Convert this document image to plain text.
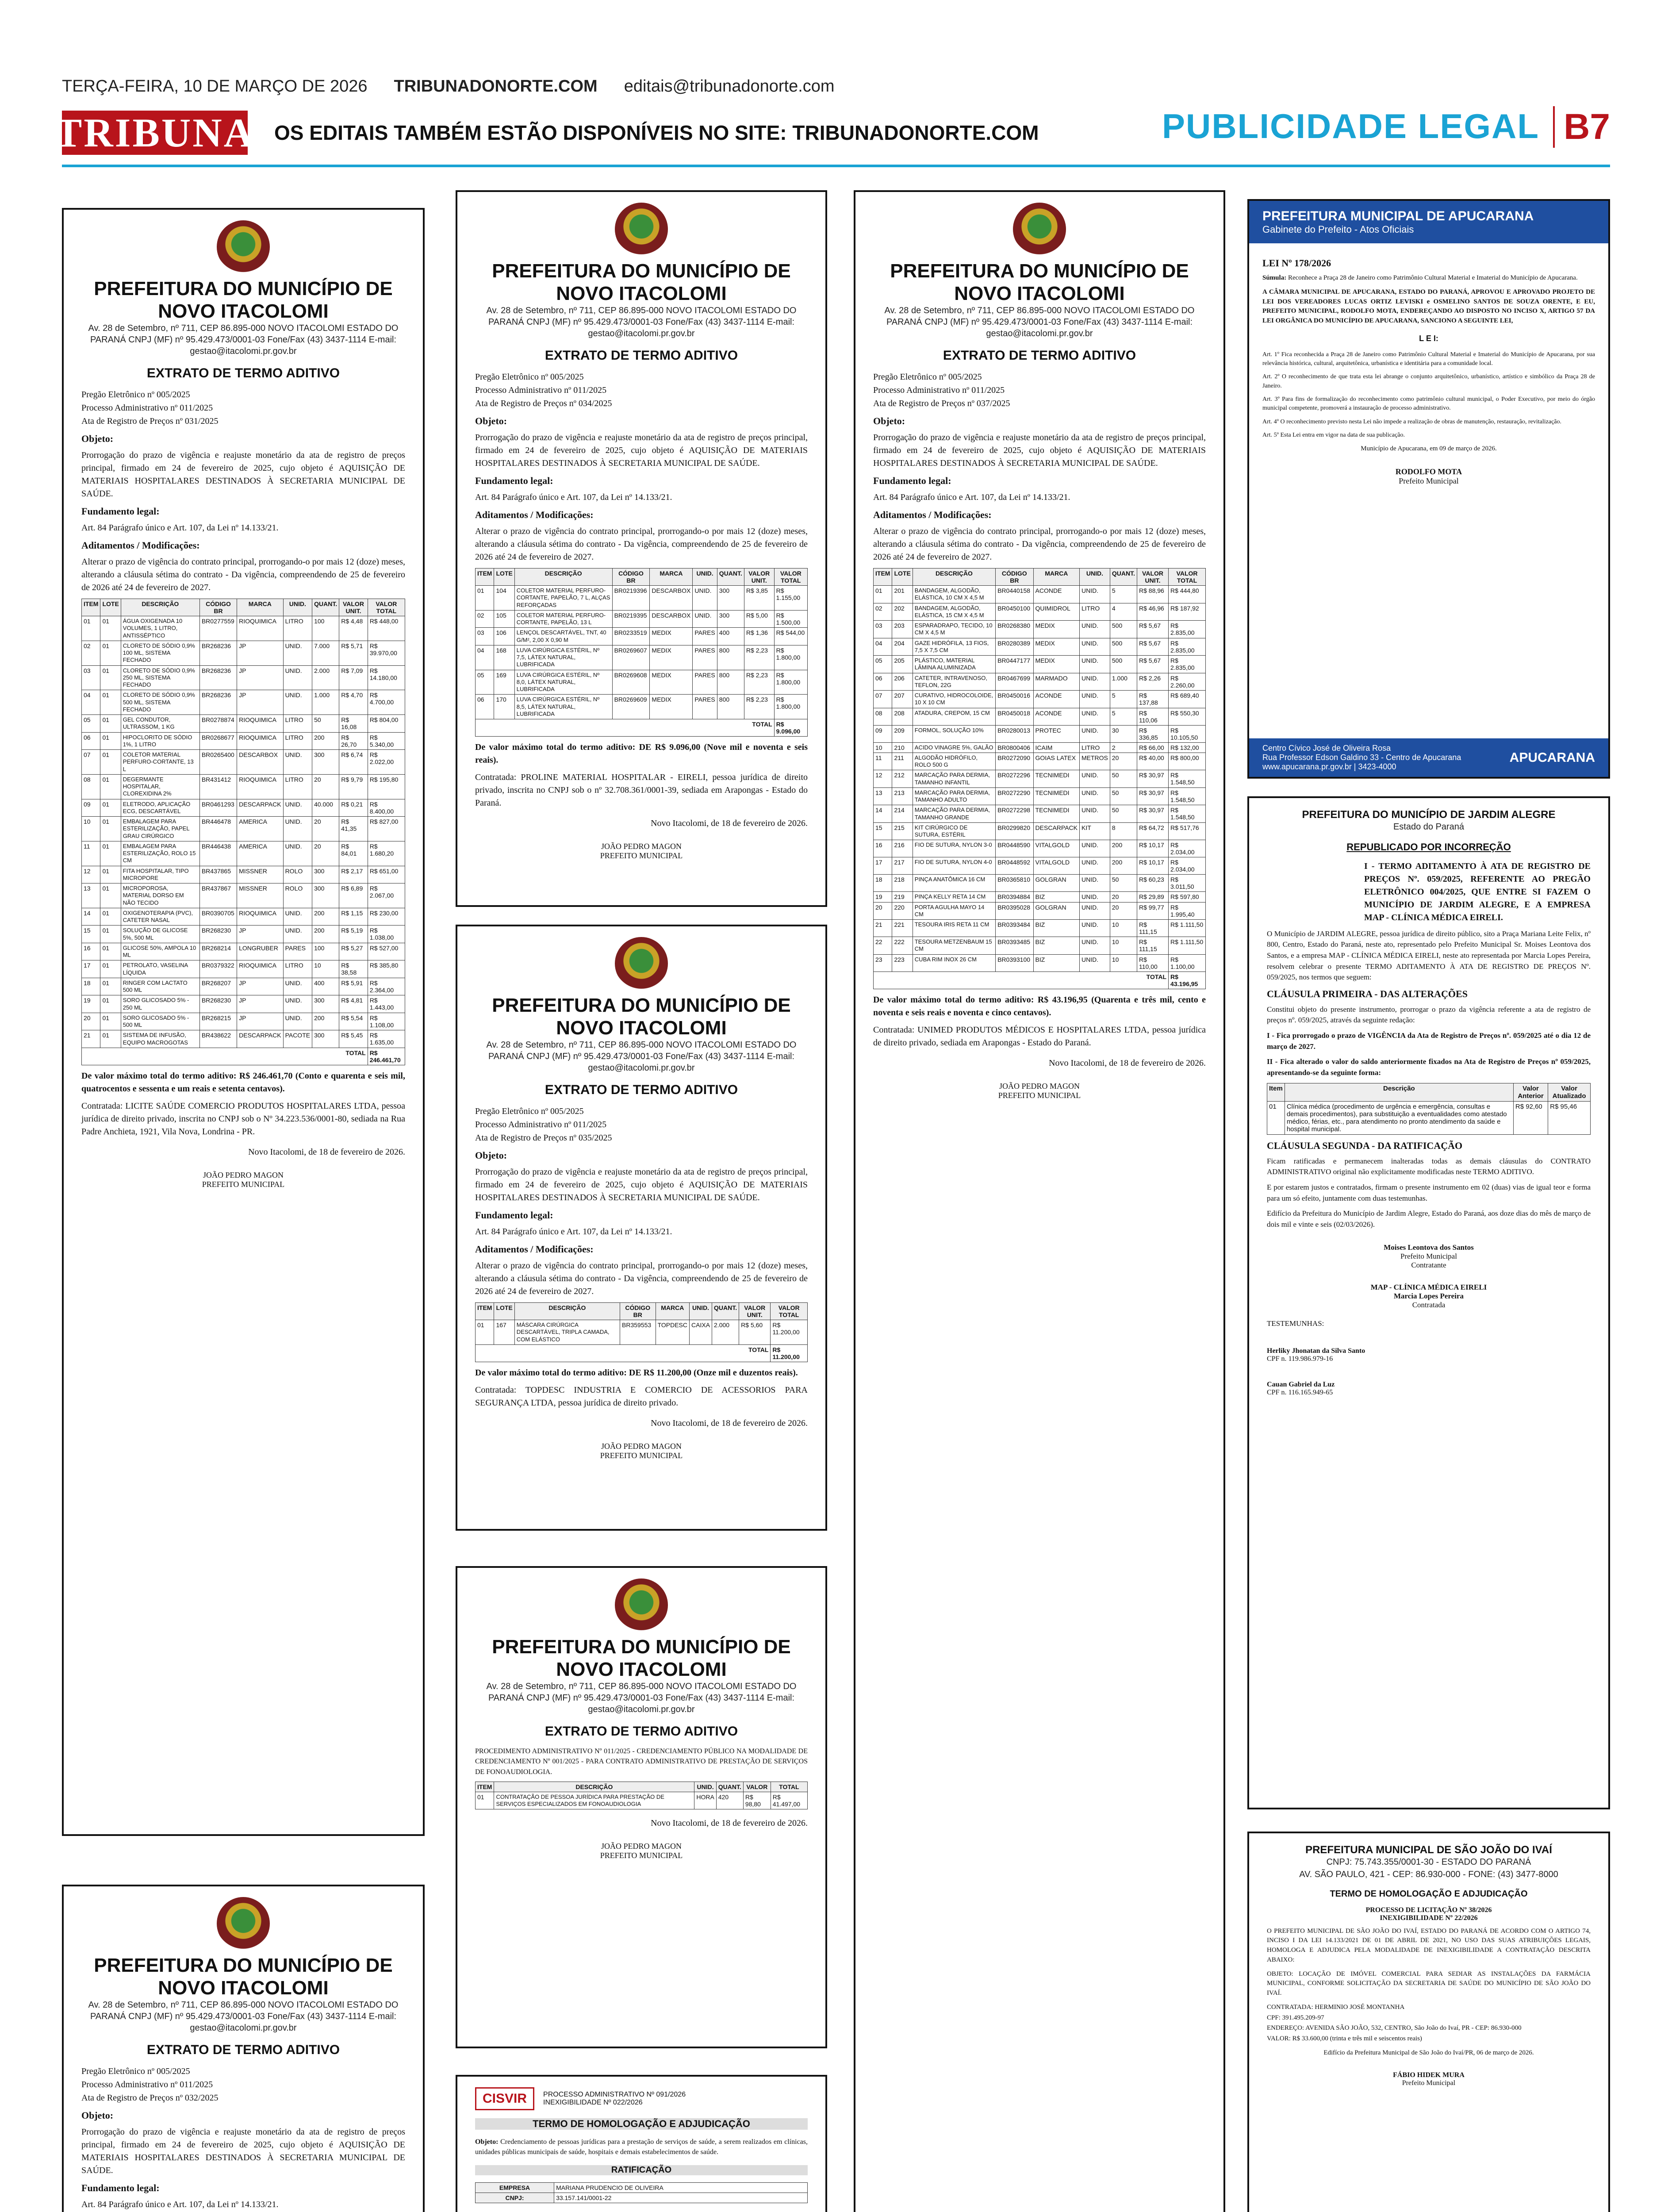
TERÇA-FEIRA, 10 DE MARÇO DE 2026 TRIBUNADONORTE.COM editais@tribunadonorte.com
TRIBUNA OS EDITAIS TAMBÉM ESTÃO DISPONÍVEIS NO SITE: TRIBUNADONORTE.COM	PUBLICIDADE LEGAL B7
PREFEITURA DO MUNICÍPIO DE NOVO ITACOLOMI
Av. 28 de Setembro, nº 711, CEP 86.895-000 NOVO ITACOLOMI ESTADO DO PARANÁ CNPJ (MF) nº 95.429.473/0001-03 Fone/Fax (43) 3437-1114 E-mail: gestao@itacolomi.pr.gov.br
EXTRATO DE TERMO ADITIVO
Pregão Eletrônico nº 005/2025
Processo Administrativo nº 011/2025
Ata de Registro de Preços nº 031/2025
Objeto:
Prorrogação do prazo de vigência e reajuste monetário da ata de registro de preços principal, firmado em 24 de fevereiro de 2025, cujo objeto é AQUISIÇÃO DE MATERIAIS HOSPITALARES DESTINADOS À SECRETARIA MUNICIPAL DE SAÚDE.
Fundamento legal:
Art. 84 Parágrafo único e Art. 107, da Lei nº 14.133/21.
Aditamentos / Modificações:
Alterar o prazo de vigência do contrato principal, prorrogando-o por mais 12 (doze) meses, alterando a cláusula sétima do contrato - Da vigência, compreendendo de 25 de fevereiro de 2026 até 24 de fevereiro de 2027.
ITEM	LOTE	DESCRIÇÃO	CÓDIGO BR	MARCA	UNID.	QUANT.	VALOR UNIT.	VALOR TOTAL
01	01	ÁGUA OXIGENADA 10 VOLUMES, 1 LITRO, ANTISSÉPTICO	BR0277559	RIOQUIMICA	LITRO	100	R$ 4,48	R$ 448,00
02	01	CLORETO DE SÓDIO 0,9% 100 ML, SISTEMA FECHADO	BR268236	JP	UNID.	7.000	R$ 5,71	R$ 39.970,00
03	01	CLORETO DE SÓDIO 0,9% 250 ML, SISTEMA FECHADO	BR268236	JP	UNID.	2.000	R$ 7,09	R$ 14.180,00
04	01	CLORETO DE SÓDIO 0,9% 500 ML, SISTEMA FECHADO	BR268236	JP	UNID.	1.000	R$ 4,70	R$ 4.700,00
05	01	GEL CONDUTOR, ULTRASSOM, 1 KG	BR0278874	RIOQUIMICA	LITRO	50	R$ 16,08	R$ 804,00
06	01	HIPOCLORITO DE SÓDIO 1%, 1 LITRO	BR0268677	RIOQUIMICA	LITRO	200	R$ 26,70	R$ 5.340,00
07	01	COLETOR MATERIAL PERFURO-CORTANTE, 13 L	BR0265400	DESCARBOX	UNID.	300	R$ 6,74	R$ 2.022,00
08	01	DEGERMANTE HOSPITALAR, CLOREXIDINA 2%	BR431412	RIOQUIMICA	LITRO	20	R$ 9,79	R$ 195,80
09	01	ELETRODO, APLICAÇÃO ECG, DESCARTÁVEL	BR0461293	DESCARPACK	UNID.	40.000	R$ 0,21	R$ 8.400,00
10	01	EMBALAGEM PARA ESTERILIZAÇÃO, PAPEL GRAU CIRÚRGICO	BR446478	AMERICA	UNID.	20	R$ 41,35	R$ 827,00
11	01	EMBALAGEM PARA ESTERILIZAÇÃO, ROLO 15 CM	BR446438	AMERICA	UNID.	20	R$ 84,01	R$ 1.680,20
12	01	FITA HOSPITALAR, TIPO MICROPORE	BR437865	MISSNER	ROLO	300	R$ 2,17	R$ 651,00
13	01	MICROPOROSA, MATERIAL DORSO EM NÃO TECIDO	BR437867	MISSNER	ROLO	300	R$ 6,89	R$ 2.067,00
14	01	OXIGENOTERAPIA (PVC), CATETER NASAL	BR0390705	RIOQUIMICA	UNID.	200	R$ 1,15	R$ 230,00
15	01	SOLUÇÃO DE GLICOSE 5%, 500 ML	BR268230	JP	UNID.	200	R$ 5,19	R$ 1.038,00
16	01	GLICOSE 50%, AMPOLA 10 ML	BR268214	LONGRUBER	PARES	100	R$ 5,27	R$ 527,00
17	01	PETROLATO, VASELINA LÍQUIDA	BR0379322	RIOQUIMICA	LITRO	10	R$ 38,58	R$ 385,80
18	01	RINGER COM LACTATO 500 ML	BR268207	JP	UNID.	400	R$ 5,91	R$ 2.364,00
19	01	SORO GLICOSADO 5% - 250 ML	BR268230	JP	UNID.	300	R$ 4,81	R$ 1.443,00
20	01	SORO GLICOSADO 5% - 500 ML	BR268215	JP	UNID.	200	R$ 5,54	R$ 1.108,00
21	01	SISTEMA DE INFUSÃO, EQUIPO MACROGOTAS	BR438622	DESCARPACK	PACOTE	300	R$ 5,45	R$ 1.635,00
TOTAL								R$ 246.461,70
De valor máximo total do termo aditivo: R$ 246.461,70 (Conto e quarenta e seis mil, quatrocentos e sessenta e um reais e setenta centavos).
Contratada: LICITE SAÚDE COMERCIO PRODUTOS HOSPITALARES LTDA, pessoa jurídica de direito privado, inscrita no CNPJ sob o Nº 34.223.536/0001-80, sediada na Rua Padre Anchieta, 1921, Vila Nova, Londrina - PR.
Novo Itacolomi, de 18 de fevereiro de 2026.
JOÃO PEDRO MAGON
PREFEITO MUNICIPAL
PREFEITURA DO MUNICÍPIO DE NOVO ITACOLOMI
Av. 28 de Setembro, nº 711, CEP 86.895-000 NOVO ITACOLOMI ESTADO DO PARANÁ CNPJ (MF) nº 95.429.473/0001-03 Fone/Fax (43) 3437-1114 E-mail: gestao@itacolomi.pr.gov.br
EXTRATO DE TERMO ADITIVO
Pregão Eletrônico nº 005/2025
Processo Administrativo nº 011/2025
Ata de Registro de Preços nº 032/2025
Objeto:
Prorrogação do prazo de vigência e reajuste monetário da ata de registro de preços principal, firmado em 24 de fevereiro de 2025, cujo objeto é AQUISIÇÃO DE MATERIAIS HOSPITALARES DESTINADOS À SECRETARIA MUNICIPAL DE SAÚDE.
Fundamento legal:
Art. 84 Parágrafo único e Art. 107, da Lei nº 14.133/21.

PREFEITURA DO MUNICÍPIO DE NOVO ITACOLOMI
Av. 28 de Setembro, nº 711, CEP 86.895-000 NOVO ITACOLOMI ESTADO DO PARANÁ CNPJ (MF) nº 95.429.473/0001-03 Fone/Fax (43) 3437-1114 E-mail: gestao@itacolomi.pr.gov.br
EXTRATO DE TERMO ADITIVO
Pregão Eletrônico nº 005/2025
Processo Administrativo nº 011/2025
Ata de Registro de Preços nº 034/2025
Objeto:
Prorrogação do prazo de vigência e reajuste monetário da ata de registro de preços principal, firmado em 24 de fevereiro de 2025, cujo objeto é AQUISIÇÃO DE MATERIAIS HOSPITALARES DESTINADOS À SECRETARIA MUNICIPAL DE SAÚDE.
Fundamento legal:
Art. 84 Parágrafo único e Art. 107, da Lei nº 14.133/21.
Aditamentos / Modificações:
Alterar o prazo de vigência do contrato principal, prorrogando-o por mais 12 (doze) meses, alterando a cláusula sétima do contrato - Da vigência, compreendendo de 25 de fevereiro de 2026 até 24 de fevereiro de 2027.
ITEM	LOTE	DESCRIÇÃO	CÓDIGO BR	MARCA	UNID.	QUANT.	VALOR UNIT.	VALOR TOTAL
01	104	COLETOR MATERIAL PERFURO-CORTANTE, PAPELÃO, 7 L, ALÇAS REFORÇADAS	BR0219396	DESCARBOX	UNID.	300	R$ 3,85	R$ 1.155,00
02	105	COLETOR MATERIAL PERFURO-CORTANTE, PAPELÃO, 13 L	BR0219395	DESCARBOX	UNID.	300	R$ 5,00	R$ 1.500,00
03	106	LENÇOL DESCARTÁVEL, TNT, 40 G/M², 2,00 X 0,90 M	BR0233519	MEDIX	PARES	400	R$ 1,36	R$ 544,00
04	168	LUVA CIRÚRGICA ESTÉRIL, Nº 7,5, LÁTEX NATURAL, LUBRIFICADA	BR0269607	MEDIX	PARES	800	R$ 2,23	R$ 1.800,00
05	169	LUVA CIRÚRGICA ESTÉRIL, Nº 8,0, LÁTEX NATURAL, LUBRIFICADA	BR0269608	MEDIX	PARES	800	R$ 2,23	R$ 1.800,00
06	170	LUVA CIRÚRGICA ESTÉRIL, Nº 8,5, LÁTEX NATURAL, LUBRIFICADA	BR0269609	MEDIX	PARES	800	R$ 2,23	R$ 1.800,00
TOTAL								R$ 9.096,00
De valor máximo total do termo aditivo: DE R$ 9.096,00 (Nove mil e noventa e seis reais).
Contratada: PROLINE MATERIAL HOSPITALAR - EIRELI, pessoa jurídica de direito privado, inscrita no CNPJ sob o nº 32.708.361/0001-39, sediada em Arapongas - Estado do Paraná.
Novo Itacolomi, de 18 de fevereiro de 2026.
JOÃO PEDRO MAGON
PREFEITO MUNICIPAL
PREFEITURA DO MUNICÍPIO DE NOVO ITACOLOMI
Av. 28 de Setembro, nº 711, CEP 86.895-000 NOVO ITACOLOMI ESTADO DO PARANÁ CNPJ (MF) nº 95.429.473/0001-03 Fone/Fax (43) 3437-1114 E-mail: gestao@itacolomi.pr.gov.br
EXTRATO DE TERMO ADITIVO
Pregão Eletrônico nº 005/2025
Processo Administrativo nº 011/2025
Ata de Registro de Preços nº 035/2025
Objeto:
Prorrogação do prazo de vigência e reajuste monetário da ata de registro de preços principal, firmado em 24 de fevereiro de 2025, cujo objeto é AQUISIÇÃO DE MATERIAIS HOSPITALARES DESTINADOS À SECRETARIA MUNICIPAL DE SAÚDE.
Fundamento legal:
Art. 84 Parágrafo único e Art. 107, da Lei nº 14.133/21.
Aditamentos / Modificações:
Alterar o prazo de vigência do contrato principal, prorrogando-o por mais 12 (doze) meses, alterando a cláusula sétima do contrato - Da vigência, compreendendo de 25 de fevereiro de 2026 até 24 de fevereiro de 2027.
ITEM	LOTE	DESCRIÇÃO	CÓDIGO BR	MARCA	UNID.	QUANT.	VALOR UNIT.	VALOR TOTAL
01	167	MÁSCARA CIRÚRGICA DESCARTÁVEL, TRIPLA CAMADA, COM ELÁSTICO	BR359553	TOPDESC	CAIXA	2.000	R$ 5,60	R$ 11.200,00
TOTAL								R$ 11.200,00
De valor máximo total do termo aditivo: DE R$ 11.200,00 (Onze mil e duzentos reais).
Contratada: TOPDESC INDUSTRIA E COMERCIO DE ACESSORIOS PARA SEGURANÇA LTDA, pessoa jurídica de direito privado.
Novo Itacolomi, de 18 de fevereiro de 2026.
JOÃO PEDRO MAGON
PREFEITO MUNICIPAL
PREFEITURA DO MUNICÍPIO DE NOVO ITACOLOMI
Av. 28 de Setembro, nº 711, CEP 86.895-000 NOVO ITACOLOMI ESTADO DO PARANÁ CNPJ (MF) nº 95.429.473/0001-03 Fone/Fax (43) 3437-1114 E-mail: gestao@itacolomi.pr.gov.br
EXTRATO DE TERMO ADITIVO
PROCEDIMENTO ADMINISTRATIVO Nº 011/2025 - CREDENCIAMENTO PÚBLICO NA MODALIDADE DE CREDENCIAMENTO Nº 001/2025 - PARA CONTRATO ADMINISTRATIVO DE PRESTAÇÃO DE SERVIÇOS DE FONOAUDIOLOGIA.
ITEM	DESCRIÇÃO	UNID.	QUANT.	VALOR	TOTAL
01	CONTRATAÇÃO DE PESSOA JURÍDICA PARA PRESTAÇÃO DE SERVIÇOS ESPECIALIZADOS EM FONOAUDIOLOGIA	HORA	420	R$ 98,80	R$ 41.497,00
Novo Itacolomi, de 18 de fevereiro de 2026.
JOÃO PEDRO MAGON
PREFEITO MUNICIPAL
CISVIR	PROCESSO ADMINISTRATIVO Nº 091/2026
INEXIGIBILIDADE Nº 022/2026
TERMO DE HOMOLOGAÇÃO E ADJUDICAÇÃO
Objeto: Credenciamento de pessoas jurídicas para a prestação de serviços de saúde, a serem realizados em clínicas, unidades públicas municipais de saúde, hospitais e demais estabelecimentos de saúde.
RATIFICAÇÃO
EMPRESA	MARIANA PRUDENCIO DE OLIVEIRA
CNPJ:	33.157.141/0001-22
PREFEITURA DO MUNICÍPIO DE NOVO ITACOLOMI
Av. 28 de Setembro, nº 711, CEP 86.895-000 NOVO ITACOLOMI ESTADO DO PARANÁ CNPJ (MF) nº 95.429.473/0001-03 Fone/Fax (43) 3437-1114 E-mail: gestao@itacolomi.pr.gov.br
EXTRATO DE TERMO ADITIVO
Pregão Eletrônico nº 005/2025
Processo Administrativo nº 011/2025
Ata de Registro de Preços nº 037/2025
Objeto:
Prorrogação do prazo de vigência e reajuste monetário da ata de registro de preços principal, firmado em 24 de fevereiro de 2025, cujo objeto é AQUISIÇÃO DE MATERIAIS HOSPITALARES DESTINADOS À SECRETARIA MUNICIPAL DE SAÚDE.
Fundamento legal:
Art. 84 Parágrafo único e Art. 107, da Lei nº 14.133/21.
Aditamentos / Modificações:
Alterar o prazo de vigência do contrato principal, prorrogando-o por mais 12 (doze) meses, alterando a cláusula sétima do contrato - Da vigência, compreendendo de 25 de fevereiro de 2026 até 24 de fevereiro de 2027.
ITEM	LOTE	DESCRIÇÃO	CÓDIGO BR	MARCA	UNID.	QUANT.	VALOR UNIT.	VALOR TOTAL
01	201	BANDAGEM, ALGODÃO, ELÁSTICA, 10 CM X 4,5 M	BR0440158	ACONDE	UNID.	5	R$ 88,96	R$ 444,80
02	202	BANDAGEM, ALGODÃO, ELÁSTICA, 15 CM X 4,5 M	BR0450100	QUIMIDROL	LITRO	4	R$ 46,96	R$ 187,92
03	203	ESPARADRAPO, TECIDO, 10 CM X 4,5 M	BR0268380	MEDIX	UNID.	500	R$ 5,67	R$ 2.835,00
04	204	GAZE HIDRÓFILA, 13 FIOS, 7,5 X 7,5 CM	BR0280389	MEDIX	UNID.	500	R$ 5,67	R$ 2.835,00
05	205	PLÁSTICO, MATERIAL LÂMINA ALUMINIZADA	BR0447177	MEDIX	UNID.	500	R$ 5,67	R$ 2.835,00
06	206	CATETER, INTRAVENOSO, TEFLON, 22G	BR0467699	MARMADO	UNID.	1.000	R$ 2,26	R$ 2.260,00
07	207	CURATIVO, HIDROCOLOIDE, 10 X 10 CM	BR0450016	ACONDE	UNID.	5	R$ 137,88	R$ 689,40
08	208	ATADURA, CREPOM, 15 CM	BR0450018	ACONDE	UNID.	5	R$ 110,06	R$ 550,30
09	209	FORMOL, SOLUÇÃO 10%	BR0280013	PROTEC	UNID.	30	R$ 336,85	R$ 10.105,50
10	210	ACIDO VINAGRE 5%, GALÃO	BR0800406	ICAIM	LITRO	2	R$ 66,00	R$ 132,00
11	211	ALGODÃO HIDRÓFILO, ROLO 500 G	BR0272090	GOIAS LATEX	METROS	20	R$ 40,00	R$ 800,00
12	212	MARCAÇÃO PARA DERMIA, TAMANHO INFANTIL	BR0272296	TECNIMEDI	UNID.	50	R$ 30,97	R$ 1.548,50
13	213	MARCAÇÃO PARA DERMIA, TAMANHO ADULTO	BR0272290	TECNIMEDI	UNID.	50	R$ 30,97	R$ 1.548,50
14	214	MARCAÇÃO PARA DERMIA, TAMANHO GRANDE	BR0272298	TECNIMEDI	UNID.	50	R$ 30,97	R$ 1.548,50
15	215	KIT CIRÚRGICO DE SUTURA, ESTÉRIL	BR0299820	DESCARPACK	KIT	8	R$ 64,72	R$ 517,76
16	216	FIO DE SUTURA, NYLON 3-0	BR0448590	VITALGOLD	UNID.	200	R$ 10,17	R$ 2.034,00
17	217	FIO DE SUTURA, NYLON 4-0	BR0448592	VITALGOLD	UNID.	200	R$ 10,17	R$ 2.034,00
18	218	PINÇA ANATÔMICA 16 CM	BR0365810	GOLGRAN	UNID.	50	R$ 60,23	R$ 3.011,50
19	219	PINÇA KELLY RETA 14 CM	BR0394884	BIZ	UNID.	20	R$ 29,89	R$ 597,80
20	220	PORTA AGULHA MAYO 14 CM	BR0395028	GOLGRAN	UNID.	20	R$ 99,77	R$ 1.995,40
21	221	TESOURA IRIS RETA 11 CM	BR0393484	BIZ	UNID.	10	R$ 111,15	R$ 1.111,50
22	222	TESOURA METZENBAUM 15 CM	BR0393485	BIZ	UNID.	10	R$ 111,15	R$ 1.111,50
23	223	CUBA RIM INOX 26 CM	BR0393100	BIZ	UNID.	10	R$ 110,00	R$ 1.100,00
TOTAL								R$ 43.196,95
De valor máximo total do termo aditivo: R$ 43.196,95 (Quarenta e três mil, cento e noventa e seis reais e noventa e cinco centavos).
Contratada: UNIMED PRODUTOS MÉDICOS E HOSPITALARES LTDA, pessoa jurídica de direito privado, sediada em Arapongas - Estado do Paraná.
Novo Itacolomi, de 18 de fevereiro de 2026.
JOÃO PEDRO MAGON
PREFEITO MUNICIPAL
PREFEITURA MUNICIPAL DE APUCARANA
Gabinete do Prefeito - Atos Oficiais
LEI Nº 178/2026
Súmula: Reconhece a Praça 28 de Janeiro como Patrimônio Cultural Material e Imaterial do Município de Apucarana.
A CÂMARA MUNICIPAL DE APUCARANA, ESTADO DO PARANÁ, APROVOU E APROVADO PROJETO DE LEI DOS VEREADORES LUCAS ORTIZ LEVISKI e OSMELINO SANTOS DE SOUZA ORENTE, E EU, PREFEITO MUNICIPAL, RODOLFO MOTA, ENDEREÇANDO AO DISPOSTO NO INCISO X, ARTIGO 57 DA LEI ORGÂNICA DO MUNICÍPIO DE APUCARANA, SANCIONO A SEGUINTE LEI,
L E I:
Art. 1º Fica reconhecida a Praça 28 de Janeiro como Patrimônio Cultural Material e Imaterial do Município de Apucarana, por sua relevância histórica, cultural, arquitetônica, urbanística e identitária para a comunidade local.
Art. 2º O reconhecimento de que trata esta lei abrange o conjunto arquitetônico, urbanístico, artístico e simbólico da Praça 28 de Janeiro.
Art. 3º Para fins de formalização do reconhecimento como patrimônio cultural municipal, o Poder Executivo, por meio do órgão municipal competente, promoverá a instauração de processo administrativo.
Art. 4º O reconhecimento previsto nesta Lei não impede a realização de obras de manutenção, restauração, revitalização.
Art. 5º Esta Lei entra em vigor na data de sua publicação.
Município de Apucarana, em 09 de março de 2026.
RODOLFO MOTA
Prefeito Municipal
Centro Cívico José de Oliveira Rosa
Rua Professor Edson Galdino 33 - Centro de Apucarana
www.apucarana.pr.gov.br | 3423-4000
APUCARANA
PREFEITURA DO MUNICÍPIO DE JARDIM ALEGRE
Estado do Paraná
REPUBLICADO POR INCORREÇÃO
I - TERMO ADITAMENTO À ATA DE REGISTRO DE PREÇOS Nº. 059/2025, REFERENTE AO PREGÃO ELETRÔNICO 004/2025, QUE ENTRE SI FAZEM O MUNICÍPIO DE JARDIM ALEGRE, E A EMPRESA MAP - CLÍNICA MÉDICA EIRELI.
O Município de JARDIM ALEGRE, pessoa jurídica de direito público, sito a Praça Mariana Leite Felix, nº 800, Centro, Estado do Paraná, neste ato, representado pelo Prefeito Municipal Sr. Moises Leontova dos Santos, e a empresa MAP - CLÍNICA MÉDICA EIRELI, neste ato representada por Marcia Lopes Pereira, resolvem celebrar o presente TERMO ADITAMENTO À ATA DE REGISTRO DE PREÇOS Nº. 059/2025, nos termos que seguem:
CLÁUSULA PRIMEIRA - DAS ALTERAÇÕES
Constitui objeto do presente instrumento, prorrogar o prazo da vigência referente a ata de registro de preços nº. 059/2025, através da seguinte redação:
I - Fica prorrogado o prazo de VIGÊNCIA da Ata de Registro de Preços nº. 059/2025 até o dia 12 de março de 2027.
II - Fica alterado o valor do saldo anteriormente fixados na Ata de Registro de Preços nº 059/2025, apresentando-se da seguinte forma:
Item	Descrição	Valor Anterior	Valor Atualizado
01	Clínica médica (procedimento de urgência e emergência, consultas e demais procedimentos), para substituição a eventualidades como atestado médico, férias, etc., para atendimento no pronto atendimento da saúde e hospital municipal.	R$ 92,60	R$ 95,46
CLÁUSULA SEGUNDA - DA RATIFICAÇÃO
Ficam ratificadas e permanecem inalteradas todas as demais cláusulas do CONTRATO ADMINISTRATIVO original não explicitamente modificadas neste TERMO ADITIVO.
E por estarem justos e contratados, firmam o presente instrumento em 02 (duas) vias de igual teor e forma para um só efeito, juntamente com duas testemunhas.
Edifício da Prefeitura do Município de Jardim Alegre, Estado do Paraná, aos doze dias do mês de março de dois mil e vinte e seis (02/03/2026).
Moises Leontova dos Santos
Prefeito Municipal
Contratante
MAP - CLÍNICA MÉDICA EIRELI
Marcia Lopes Pereira
Contratada
TESTEMUNHAS:
Herliky Jhonatan da Silva Santo
CPF n. 119.986.979-16
Cauan Gabriel da Luz
CPF n. 116.165.949-65
PREFEITURA MUNICIPAL DE SÃO JOÃO DO IVAÍ
CNPJ: 75.743.355/0001-30 - ESTADO DO PARANÁ
AV. SÃO PAULO, 421 - CEP: 86.930-000 - FONE: (43) 3477-8000
TERMO DE HOMOLOGAÇÃO E ADJUDICAÇÃO
PROCESSO DE LICITAÇÃO Nº 38/2026
INEXIGIBILIDADE Nº 22/2026
O PREFEITO MUNICIPAL DE SÃO JOÃO DO IVAÍ, ESTADO DO PARANÁ DE ACORDO COM O ARTIGO 74, INCISO I DA LEI 14.133/2021 DE 01 DE ABRIL DE 2021, NO USO DAS SUAS ATRIBUIÇÕES LEGAIS, HOMOLOGA E ADJUDICA PELA MODALIDADE DE INEXIGIBILIDADE A CONTRATAÇÃO DESCRITA ABAIXO:
OBJETO: LOCAÇÃO DE IMÓVEL COMERCIAL PARA SEDIAR AS INSTALAÇÕES DA FARMÁCIA MUNICIPAL, CONFORME SOLICITAÇÃO DA SECRETARIA DE SAÚDE DO MUNICÍPIO DE SÃO JOÃO DO IVAÍ.
CONTRATADA: HERMINIO JOSÉ MONTANHA
CPF: 391.495.209-97
ENDEREÇO: AVENIDA SÃO JOÃO, 532, CENTRO, São João do Ivaí, PR - CEP: 86.930-000
VALOR: R$ 33.600,00 (trinta e três mil e seiscentos reais)
Edifício da Prefeitura Municipal de São João do Ivaí/PR, 06 de março de 2026.
FÁBIO HIDEK MURA
Prefeito Municipal
